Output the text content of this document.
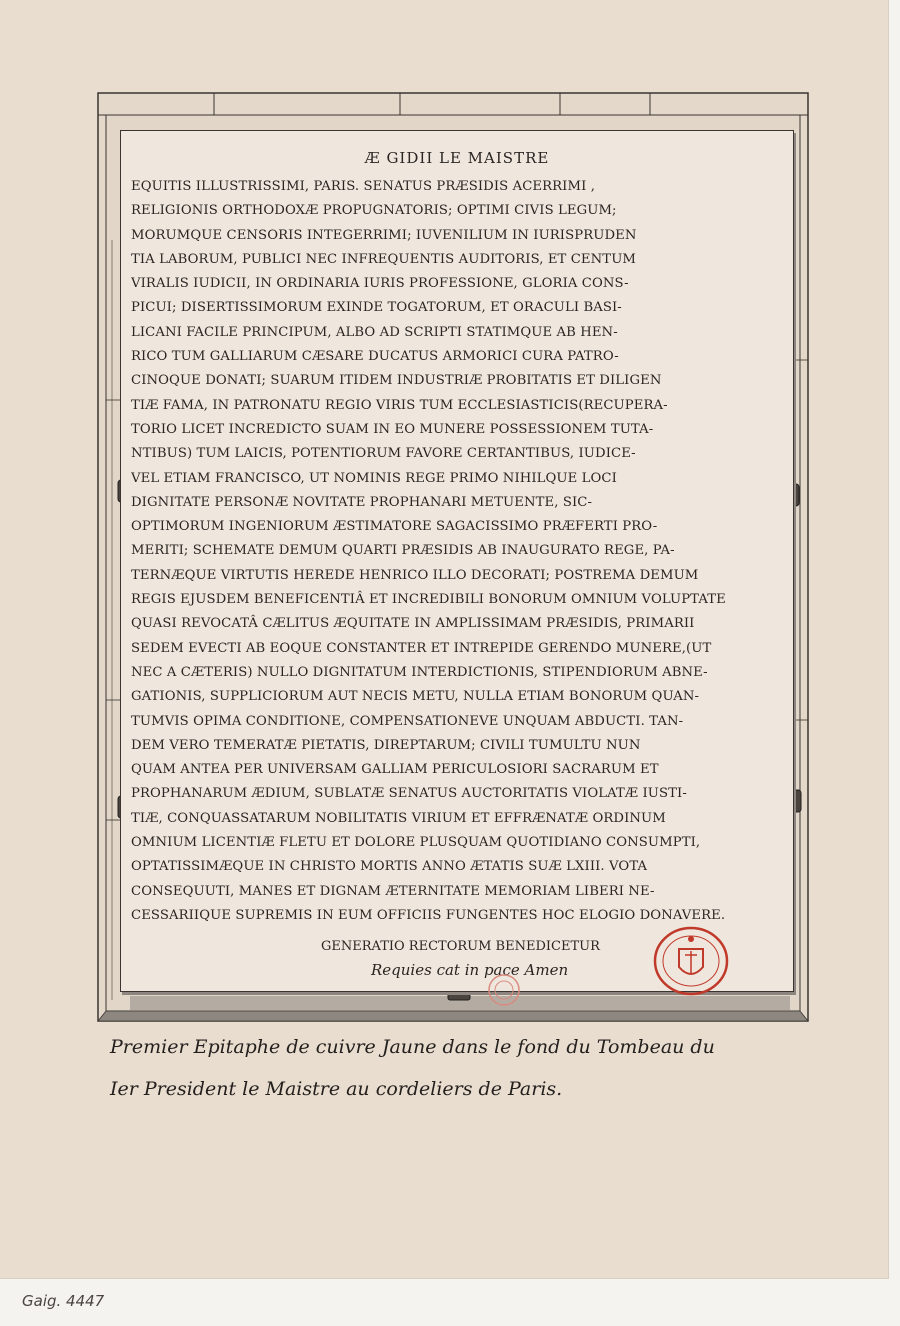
Æ GIDII LE MAISTRE
EQUITIS ILLUSTRISSIMI, PARIS. SENATUS PRÆSIDIS ACERRIMI ,
RELIGIONIS ORTHODOXÆ PROPUGNATORIS; OPTIMI CIVIS LEGUM;
MORUMQUE CENSORIS INTEGERRIMI; IUVENILIUM IN IURISPRUDEN
TIA LABORUM, PUBLICI NEC INFREQUENTIS AUDITORIS, ET CENTUM
VIRALIS IUDICII, IN ORDINARIA IURIS PROFESSIONE, GLORIA CONS-
PICUI; DISERTISSIMORUM EXINDE TOGATORUM, ET ORACULI BASI-
LICANI FACILE PRINCIPUM, ALBO AD SCRIPTI STATIMQUE AB HEN-
RICO TUM GALLIARUM CÆSARE DUCATUS ARMORICI CURA PATRO-
CINOQUE DONATI; SUARUM ITIDEM INDUSTRIÆ PROBITATIS ET DILIGEN
TIÆ FAMA, IN PATRONATU REGIO VIRIS TUM ECCLESIASTICIS(RECUPERA-
TORIO LICET INCREDICTO SUAM IN EO MUNERE POSSESSIONEM TUTA-
NTIBUS) TUM LAICIS, POTENTIORUM FAVORE CERTANTIBUS, IUDICE-
VEL ETIAM FRANCISCO, UT NOMINIS REGE PRIMO NIHILQUE LOCI
DIGNITATE PERSONÆ NOVITATE PROPHANARI METUENTE, SIC-
OPTIMORUM INGENIORUM ÆSTIMATORE SAGACISSIMO PRÆFERTI PRO-
MERITI; SCHEMATE DEMUM QUARTI PRÆSIDIS AB INAUGURATO REGE, PA-
TERNÆQUE VIRTUTIS HEREDE HENRICO ILLO DECORATI; POSTREMA DEMUM
REGIS EJUSDEM BENEFICENTIÂ ET INCREDIBILI BONORUM OMNIUM VOLUPTATE
QUASI REVOCATÂ CÆLITUS ÆQUITATE IN AMPLISSIMAM PRÆSIDIS, PRIMARII
SEDEM EVECTI AB EOQUE CONSTANTER ET INTREPIDE GERENDO MUNERE,(UT
NEC A CÆTERIS) NULLO DIGNITATUM INTERDICTIONIS, STIPENDIORUM ABNE-
GATIONIS, SUPPLICIORUM AUT NECIS METU, NULLA ETIAM BONORUM QUAN-
TUMVIS OPIMA CONDITIONE, COMPENSATIONEVE UNQUAM ABDUCTI. TAN-
DEM VERO TEMERATÆ PIETATIS, DIREPTARUM; CIVILI TUMULTU NUN
QUAM ANTEA PER UNIVERSAM GALLIAM PERICULOSIORI SACRARUM ET
PROPHANARUM ÆDIUM, SUBLATÆ SENATUS AUCTORITATIS VIOLATÆ IUSTI-
TIÆ, CONQUASSATARUM NOBILITATIS VIRIUM ET EFFRÆNATÆ ORDINUM
OMNIUM LICENTIÆ FLETU ET DOLORE PLUSQUAM QUOTIDIANO CONSUMPTI,
OPTATISSIMÆQUE IN CHRISTO MORTIS ANNO ÆTATIS SUÆ LXIII. VOTA
CONSEQUUTI, MANES ET DIGNAM ÆTERNITATE MEMORIAM LIBERI NE-
CESSARIIQUE SUPREMIS IN EUM OFFICIIS FUNGENTES HOC ELOGIO DONAVERE.
GENERATIO RECTORUM BENEDICETUR
Requies cat in pace Amen
Premier Epitaphe de cuivre Jaune dans le fond du Tombeau du
Ier President le Maistre au cordeliers de Paris.
Gaig. 4447
